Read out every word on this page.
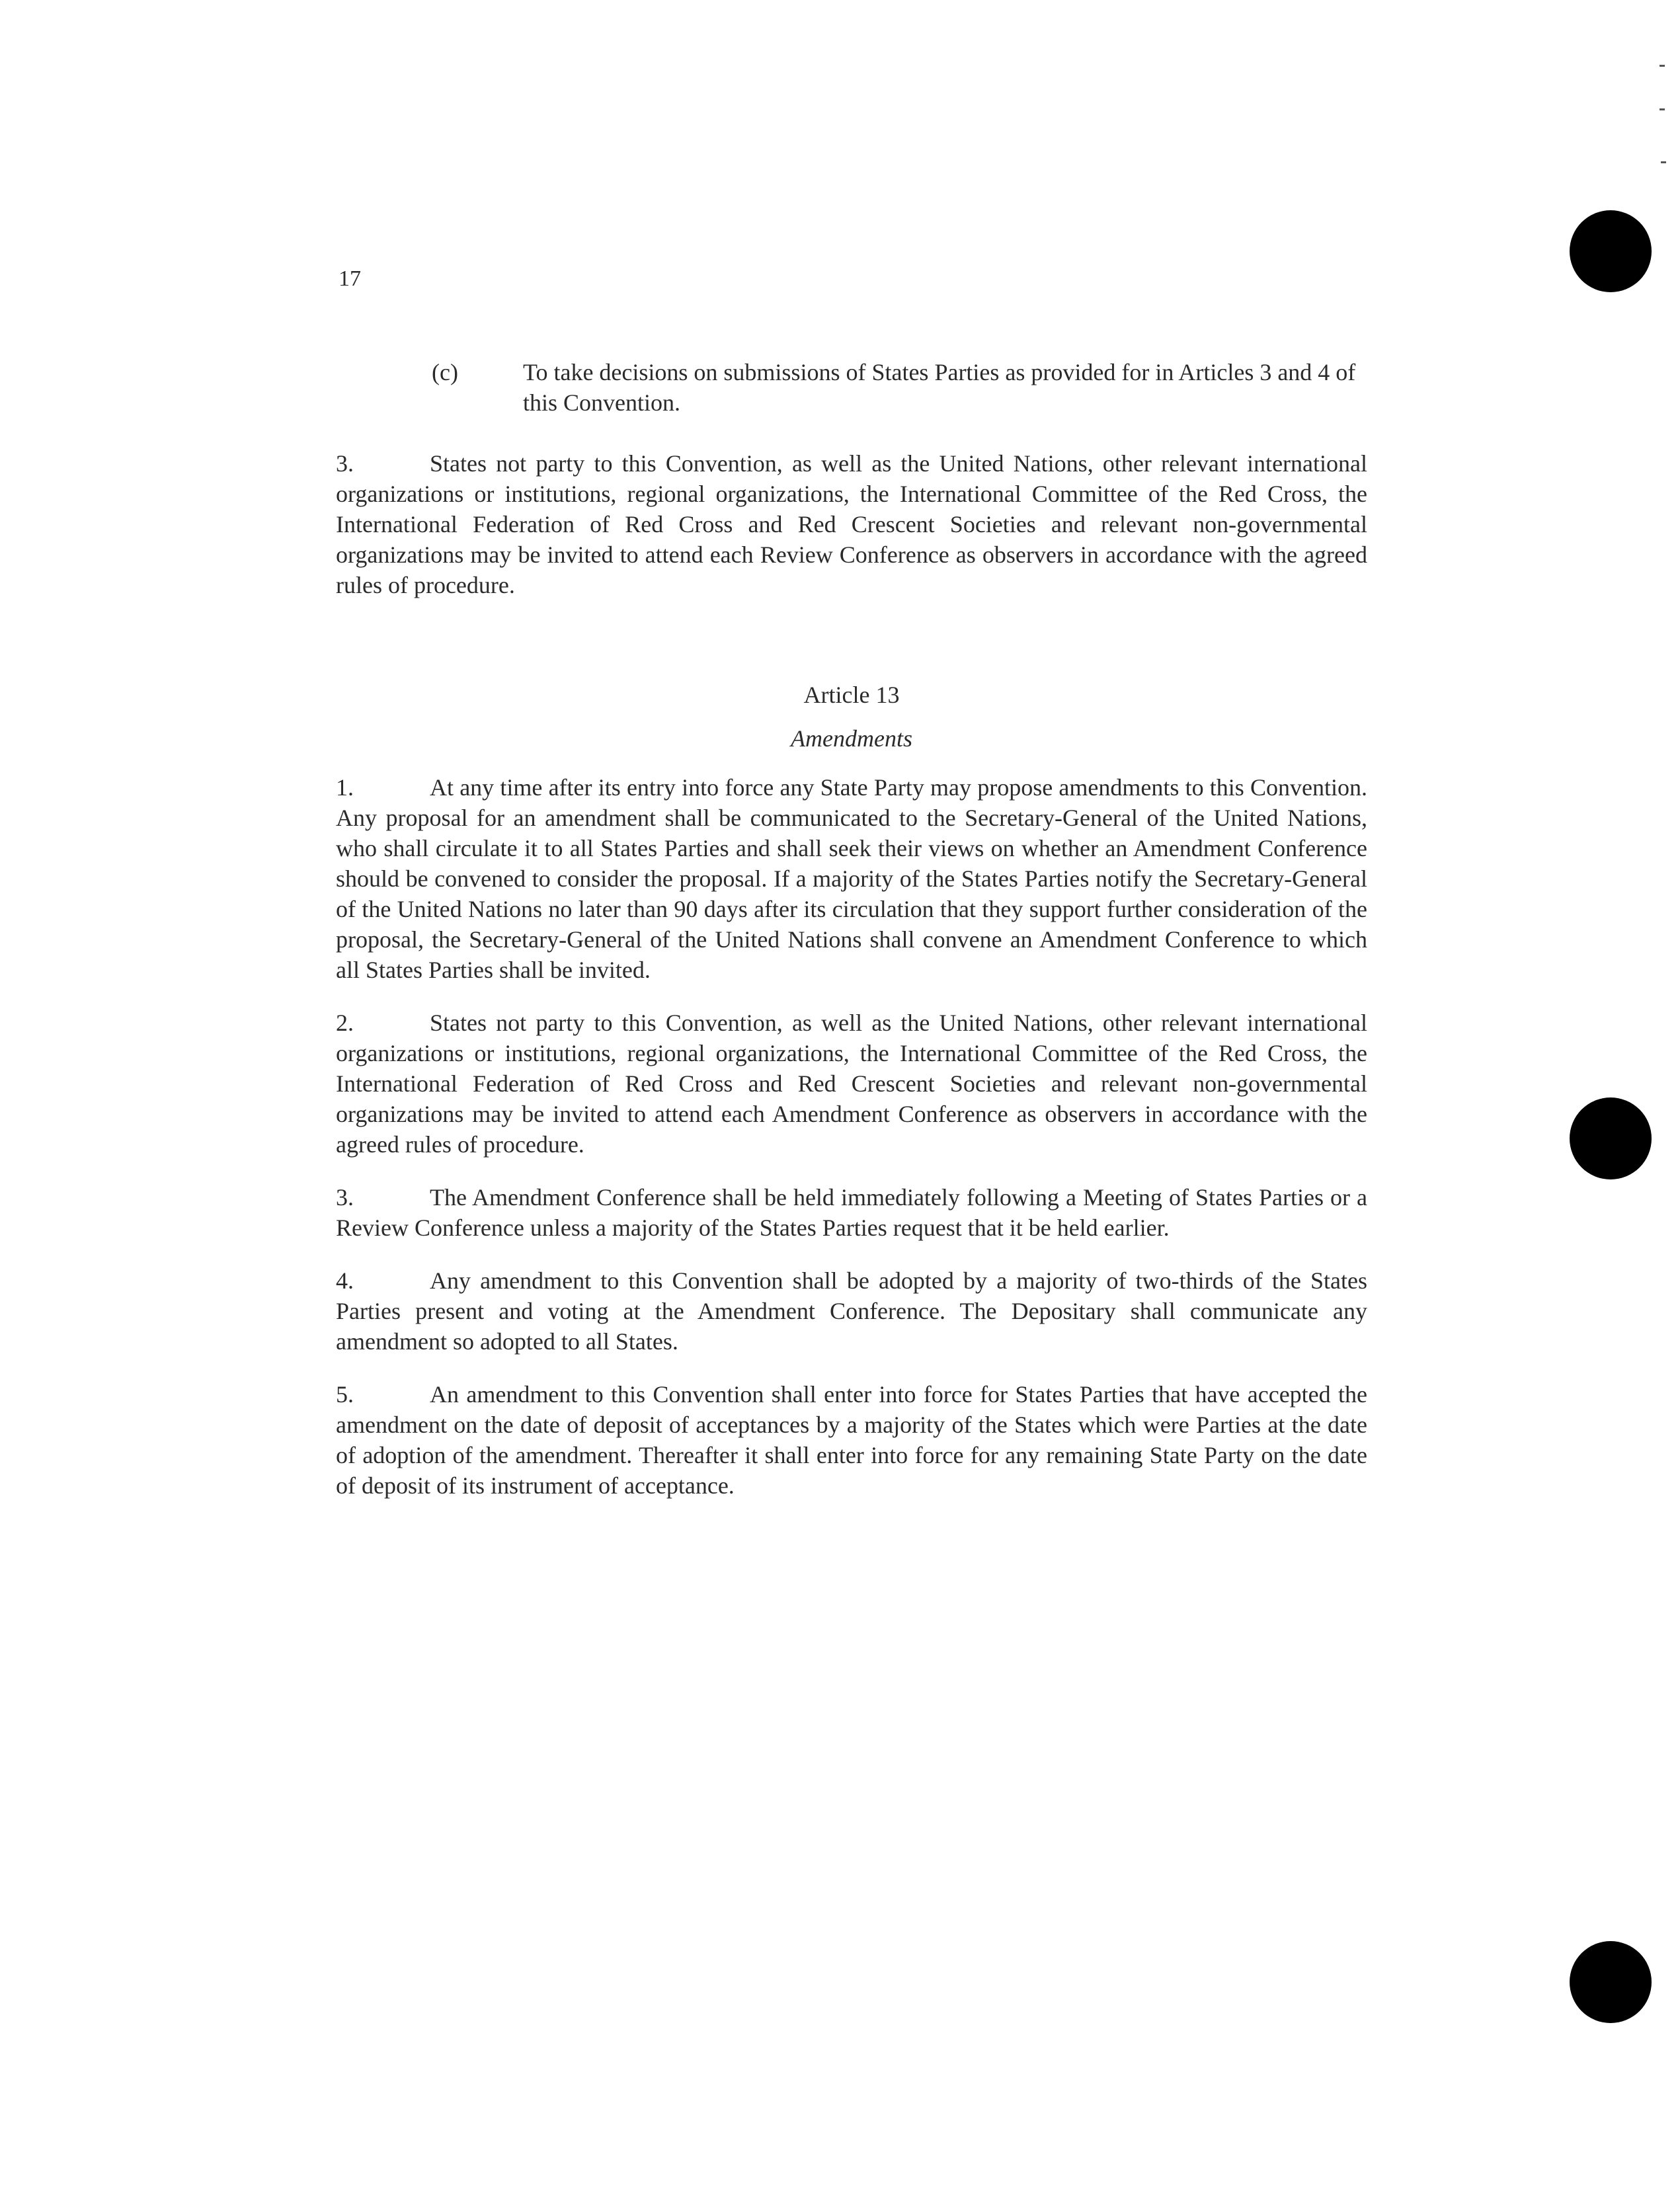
17
(c)	To take decisions on submissions of States Parties as provided for in Articles 3 and 4 of this Convention.

3.	States not party to this Convention, as well as the United Nations, other relevant international organizations or institutions, regional organizations, the International Committee of the Red Cross, the International Federation of Red Cross and Red Crescent Societies and relevant non-governmental organizations may be invited to attend each Review Conference as observers in accordance with the agreed rules of procedure.

Article 13

Amendments

1.	At any time after its entry into force any State Party may propose amendments to this Convention. Any proposal for an amendment shall be communicated to the Secretary-General of the United Nations, who shall circulate it to all States Parties and shall seek their views on whether an Amendment Conference should be convened to consider the proposal. If a majority of the States Parties notify the Secretary-General of the United Nations no later than 90 days after its circulation that they support further consideration of the proposal, the Secretary-General of the United Nations shall convene an Amendment Conference to which all States Parties shall be invited.

2.	States not party to this Convention, as well as the United Nations, other relevant international organizations or institutions, regional organizations, the International Committee of the Red Cross, the International Federation of Red Cross and Red Crescent Societies and relevant non-governmental organizations may be invited to attend each Amendment Conference as observers in accordance with the agreed rules of procedure.

3.	The Amendment Conference shall be held immediately following a Meeting of States Parties or a Review Conference unless a majority of the States Parties request that it be held earlier.

4.	Any amendment to this Convention shall be adopted by a majority of two-thirds of the States Parties present and voting at the Amendment Conference. The Depositary shall communicate any amendment so adopted to all States.

5.	An amendment to this Convention shall enter into force for States Parties that have accepted the amendment on the date of deposit of acceptances by a majority of the States which were Parties at the date of adoption of the amendment. Thereafter it shall enter into force for any remaining State Party on the date of deposit of its instrument of acceptance.
